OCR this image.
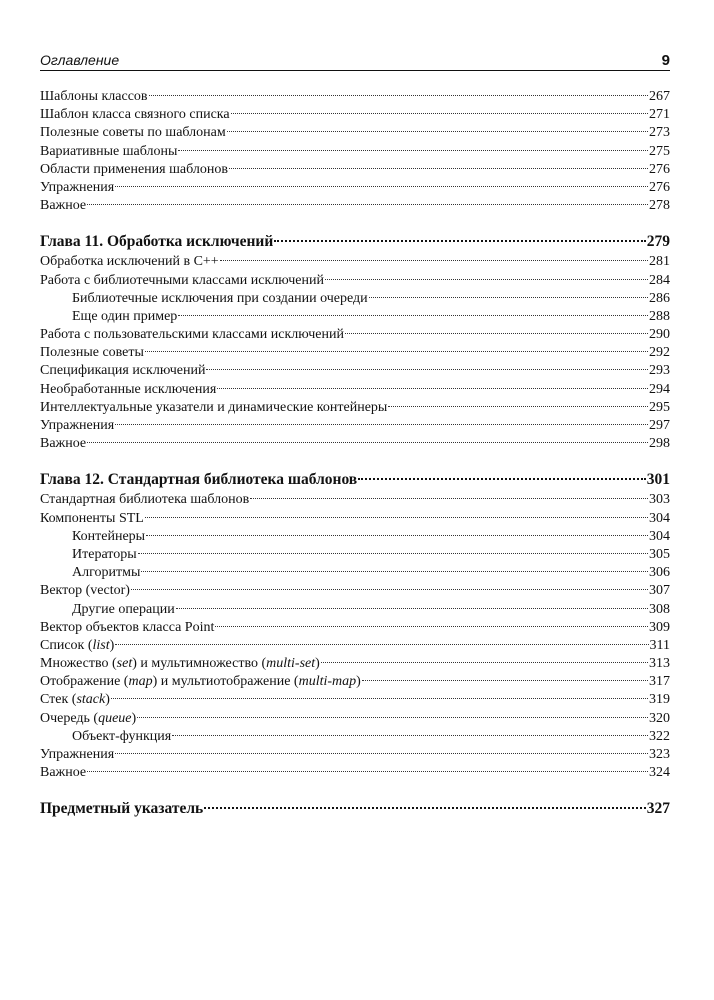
Оглавление	9
Шаблоны классов	267
Шаблон класса связного списка	271
Полезные советы по шаблонам	273
Вариативные шаблоны	275
Области применения шаблонов	276
Упражнения	276
Важное	278
Глава 11. Обработка исключений	279
Обработка исключений в C++	281
Работа с библиотечными классами исключений	284
Библиотечные исключения при создании очереди	286
Еще один пример	288
Работа с пользовательскими классами исключений	290
Полезные советы	292
Спецификация исключений	293
Необработанные исключения	294
Интеллектуальные указатели и динамические контейнеры	295
Упражнения	297
Важное	298
Глава 12. Стандартная библиотека шаблонов	301
Стандартная библиотека шаблонов	303
Компоненты STL	304
Контейнеры	304
Итераторы	305
Алгоритмы	306
Вектор (vector)	307
Другие операции	308
Вектор объектов класса Point	309
Список (list)	311
Множество (set) и мультимножество (multi-set)	313
Отображение (map) и мультиотображение (multi-map)	317
Стек (stack)	319
Очередь (queue)	320
Объект-функция	322
Упражнения	323
Важное	324
Предметный указатель	327
